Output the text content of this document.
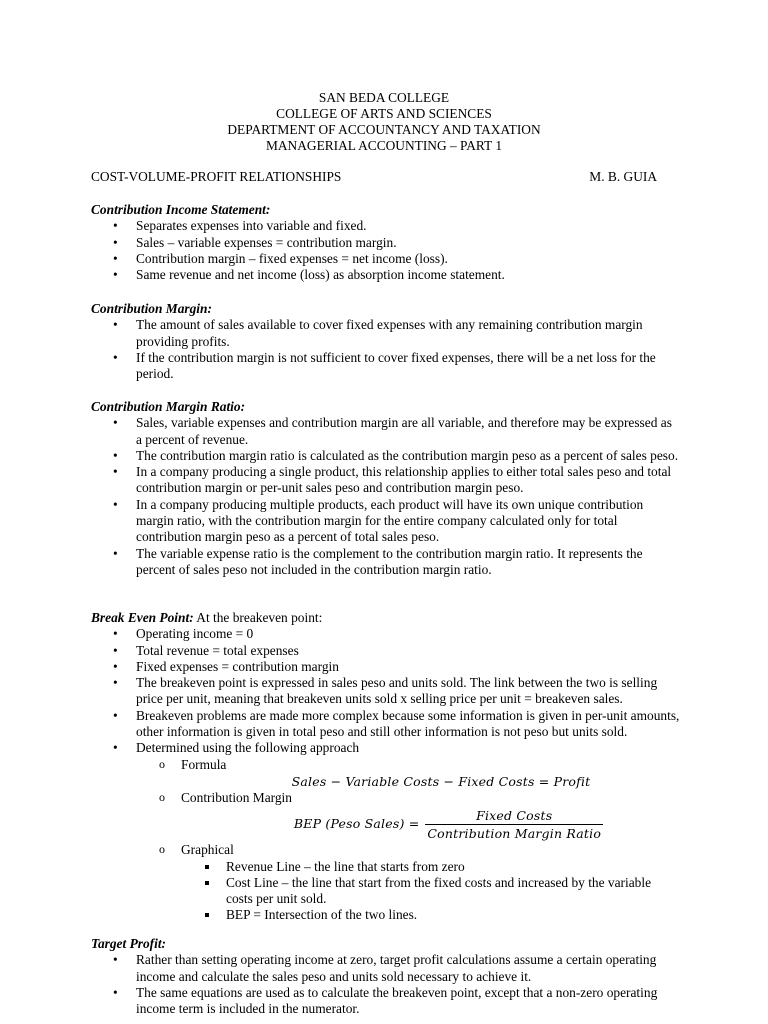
SAN BEDA COLLEGE
COLLEGE OF ARTS AND SCIENCES
DEPARTMENT OF ACCOUNTANCY AND TAXATION
MANAGERIAL ACCOUNTING – PART 1
COST-VOLUME-PROFIT RELATIONSHIPS	M. B. GUIA
Contribution Income Statement:
• Separates expenses into variable and fixed.
• Sales – variable expenses = contribution margin.
• Contribution margin – fixed expenses = net income (loss).
• Same revenue and net income (loss) as absorption income statement.
Contribution Margin:
• The amount of sales available to cover fixed expenses with any remaining contribution margin providing profits.
• If the contribution margin is not sufficient to cover fixed expenses, there will be a net loss for the period.
Contribution Margin Ratio:
• Sales, variable expenses and contribution margin are all variable, and therefore may be expressed as a percent of revenue.
• The contribution margin ratio is calculated as the contribution margin peso as a percent of sales peso.
• In a company producing a single product, this relationship applies to either total sales peso and total contribution margin or per-unit sales peso and contribution margin peso.
• In a company producing multiple products, each product will have its own unique contribution margin ratio, with the contribution margin for the entire company calculated only for total contribution margin peso as a percent of total sales peso.
• The variable expense ratio is the complement to the contribution margin ratio. It represents the percent of sales peso not included in the contribution margin ratio.
Break Even Point: At the breakeven point:
• Operating income = 0
• Total revenue = total expenses
• Fixed expenses = contribution margin
• The breakeven point is expressed in sales peso and units sold. The link between the two is selling price per unit, meaning that breakeven units sold x selling price per unit = breakeven sales.
• Breakeven problems are made more complex because some information is given in per-unit amounts, other information is given in total peso and still other information is not peso but units sold.
• Determined using the following approach
o Formula
Sales − Variable Costs − Fixed Costs = Profit
o Contribution Margin
BEP (Peso Sales) = $\frac{\text{Fixed Costs}}{\text{Contribution Margin Ratio}}$
o Graphical
Revenue Line – the line that starts from zero
Cost Line – the line that start from the fixed costs and increased by the variable costs per unit sold.
BEP = Intersection of the two lines.
Target Profit:
• Rather than setting operating income at zero, target profit calculations assume a certain operating income and calculate the sales peso and units sold necessary to achieve it.
• The same equations are used as to calculate the breakeven point, except that a non-zero operating income term is included in the numerator.
